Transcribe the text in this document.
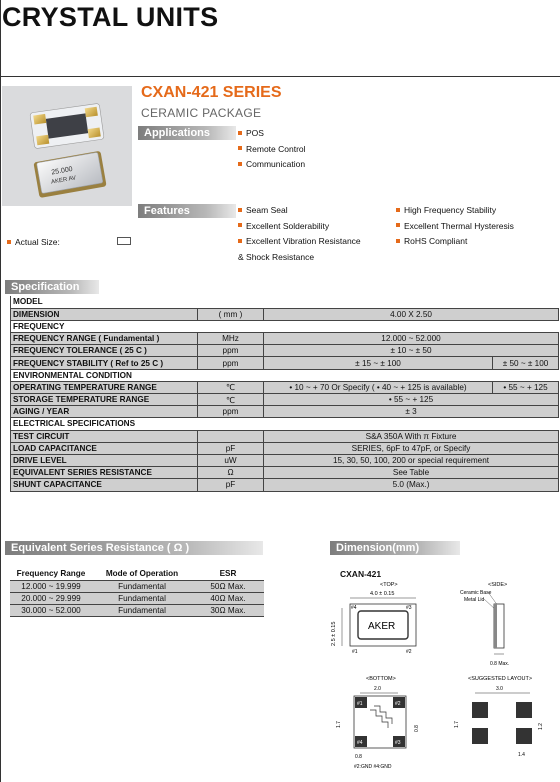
CRYSTAL UNITS
25.000
AKER AV
CXAN-421 SERIES
CERAMIC PACKAGE
Applications	POS
Remote Control
Communication
Features	Seam Seal
Excellent Solderability
Excellent Vibration Resistance
& Shock Resistance
High Frequency Stability
Excellent Thermal Hysteresis
RoHS Compliant
Actual Size:
Specification
MODEL			
DIMENSION	( mm )	4.00 X 2.50	
FREQUENCY			
FREQUENCY RANGE ( Fundamental )	MHz	12.000 ~ 52.000	
FREQUENCY TOLERANCE ( 25 C )	ppm	± 10 ~ ± 50	
FREQUENCY STABILITY ( Ref to 25 C )	ppm	± 15 ~ ± 100	± 50 ~ ± 100
ENVIRONMENTAL CONDITION			
OPERATING TEMPERATURE RANGE	℃	• 10 ~ + 70 Or Specify ( • 40 ~ + 125 is available)	• 55 ~ + 125
STORAGE TEMPERATURE RANGE	℃	• 55 ~ + 125	
AGING / YEAR	ppm	± 3	
ELECTRICAL SPECIFICATIONS			
TEST CIRCUIT		S&A 350A With π Fixture	
LOAD CAPACITANCE	pF	SERIES, 6pF to 47pF, or Specify	
DRIVE LEVEL	uW	15, 30, 50, 100, 200 or special requirement	
EQUIVALENT SERIES RESISTANCE	Ω	See Table	
SHUNT CAPACITANCE	pF	5.0 (Max.)	
Equivalent Series Resistance ( Ω )
Frequency Range	Mode of Operation	ESR
12.000 ~ 19.999	Fundamental	50Ω Max.
20.000 ~ 29.999	Fundamental	40Ω Max.
30.000 ~ 52.000	Fundamental	30Ω Max.
Dimension(mm)
CXAN-421
<TOP>
4.0 ± 0.15
2.5 ± 0.15	AKER
#4	#3
#1	#2
<SIDE>
Ceramic Base
Metal Lid
0.8 Max.
<BOTTOM>
2.0
#1	#2
#4	#3
1.7
0.8
0.8
#2:GND #4:GND
<SUGGESTED LAYOUT>
3.0
1.7	1.2
1.4
